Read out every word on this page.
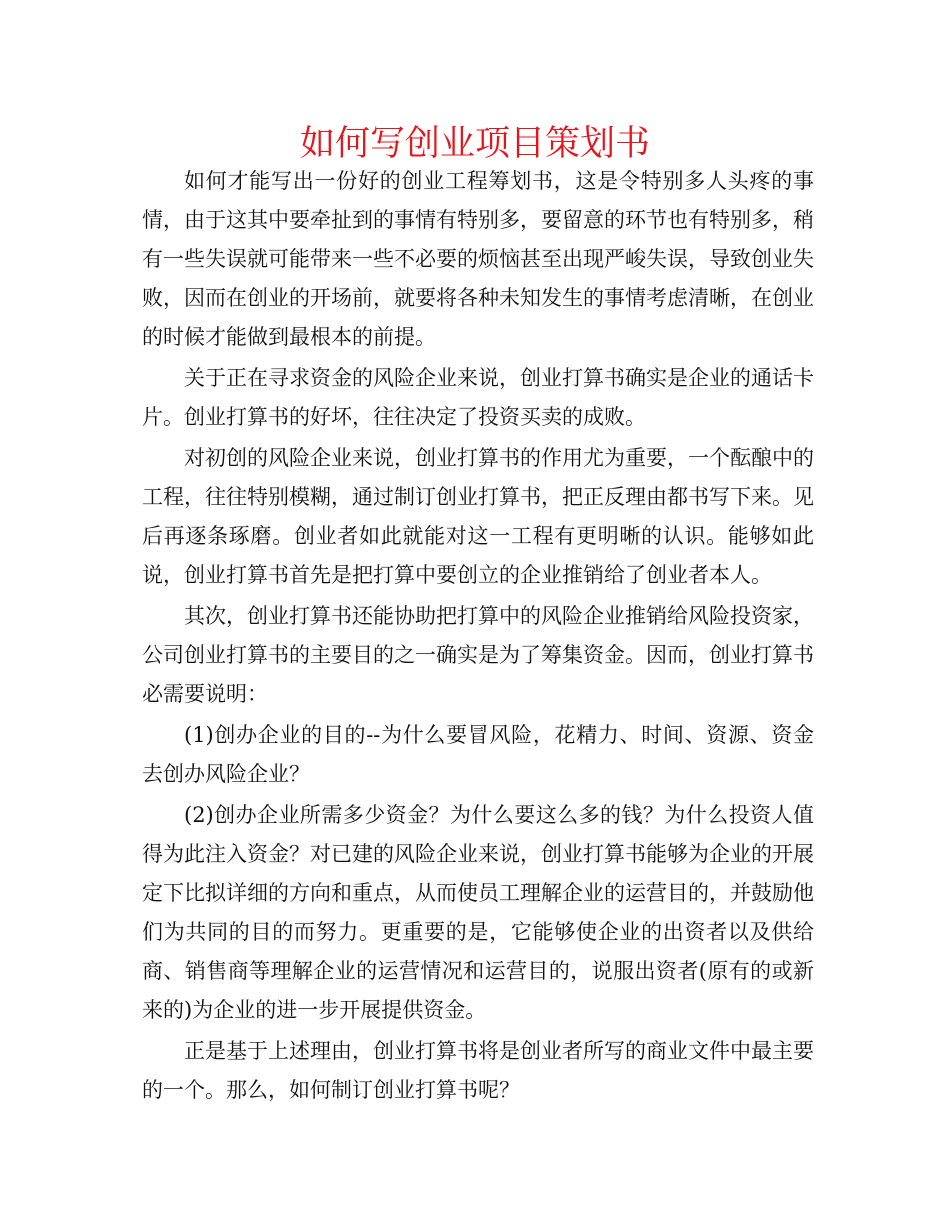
如何写创业项目策划书

如何才能写出一份好的创业工程筹划书，这是令特别多人头疼的事情，由于这其中要牵扯到的事情有特别多，要留意的环节也有特别多，稍有一些失误就可能带来一些不必要的烦恼甚至出现严峻失误，导致创业失败，因而在创业的开场前，就要将各种未知发生的事情考虑清晰，在创业的时候才能做到最根本的前提。

关于正在寻求资金的风险企业来说，创业打算书确实是企业的通话卡片。创业打算书的好坏，往往决定了投资买卖的成败。

对初创的风险企业来说，创业打算书的作用尤为重要，一个酝酿中的工程，往往特别模糊，通过制订创业打算书，把正反理由都书写下来。见后再逐条琢磨。创业者如此就能对这一工程有更明晰的认识。能够如此说，创业打算书首先是把打算中要创立的企业推销给了创业者本人。

其次，创业打算书还能协助把打算中的风险企业推销给风险投资家，公司创业打算书的主要目的之一确实是为了筹集资金。因而，创业打算书必需要说明：

(1)创办企业的目的--为什么要冒风险，花精力、时间、资源、资金去创办风险企业？

(2)创办企业所需多少资金？为什么要这么多的钱？为什么投资人值得为此注入资金？对已建的风险企业来说，创业打算书能够为企业的开展定下比拟详细的方向和重点，从而使员工理解企业的运营目的，并鼓励他们为共同的目的而努力。更重要的是，它能够使企业的出资者以及供给商、销售商等理解企业的运营情况和运营目的，说服出资者(原有的或新来的)为企业的进一步开展提供资金。

正是基于上述理由，创业打算书将是创业者所写的商业文件中最主要的一个。那么，如何制订创业打算书呢？
